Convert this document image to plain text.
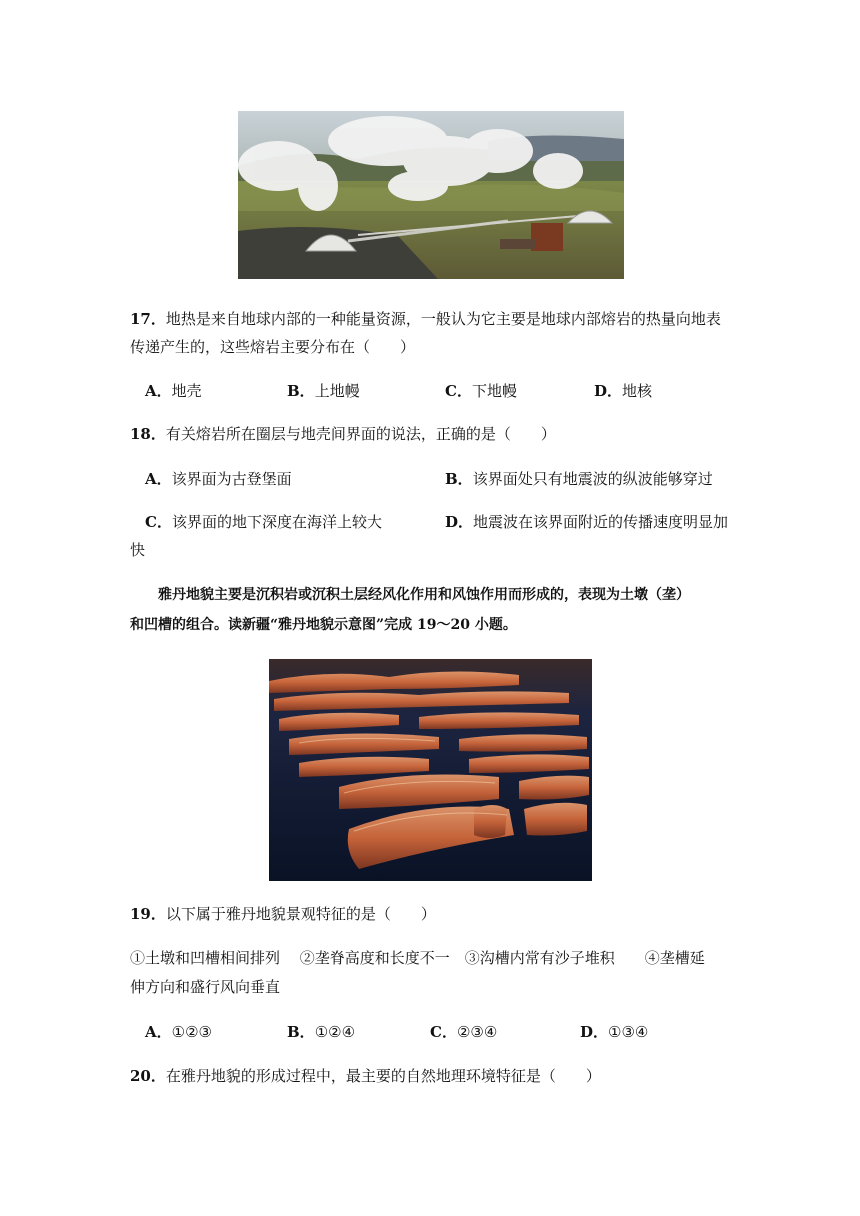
17．地热是来自地球内部的一种能量资源，一般认为它主要是地球内部熔岩的热量向地表
传递产生的，这些熔岩主要分布在（　　）
A．地壳	B．上地幔	C．下地幔	D．地核
18．有关熔岩所在圈层与地壳间界面的说法，正确的是（　　）
A．该界面为古登堡面	B．该界面处只有地震波的纵波能够穿过
C．该界面的地下深度在海洋上较大	D．地震波在该界面附近的传播速度明显加
快
雅丹地貌主要是沉积岩或沉积土层经风化作用和风蚀作用而形成的，表现为土墩（垄）
和凹槽的组合。读新疆“雅丹地貌示意图”完成 19～20 小题。
19．以下属于雅丹地貌景观特征的是（　　）
①土墩和凹槽相间排列　 ②垄脊高度和长度不一　③沟槽内常有沙子堆积　　④垄槽延
伸方向和盛行风向垂直
A．①②③	B．①②④	C．②③④	D．①③④
20．在雅丹地貌的形成过程中，最主要的自然地理环境特征是（　　）
